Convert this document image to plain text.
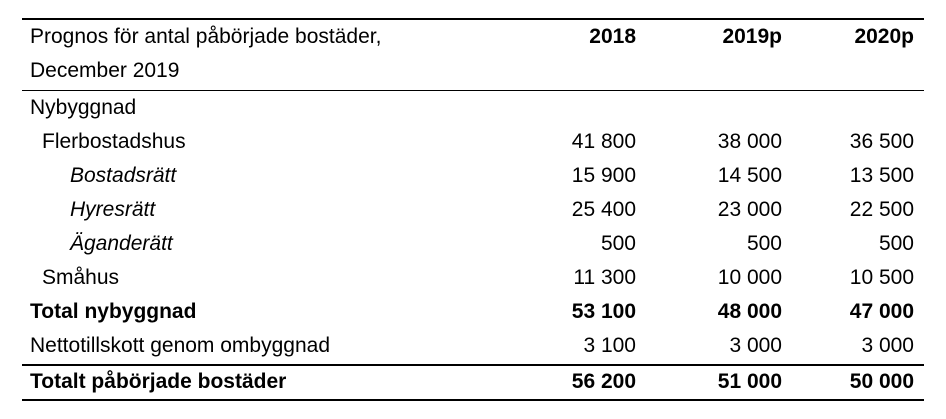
Prognos för antal påbörjade bostäder,	2018	2019p	2020p
December 2019
Nybyggnad
Flerbostadshus	41 800	38 000	36 500
Bostadsrätt	15 900	14 500	13 500
Hyresrätt	25 400	23 000	22 500
Äganderätt	500	500	500
Småhus	11 300	10 000	10 500
Total nybyggnad	53 100	48 000	47 000
Nettotillskott genom ombyggnad	3 100	3 000	3 000
Totalt påbörjade bostäder	56 200	51 000	50 000
